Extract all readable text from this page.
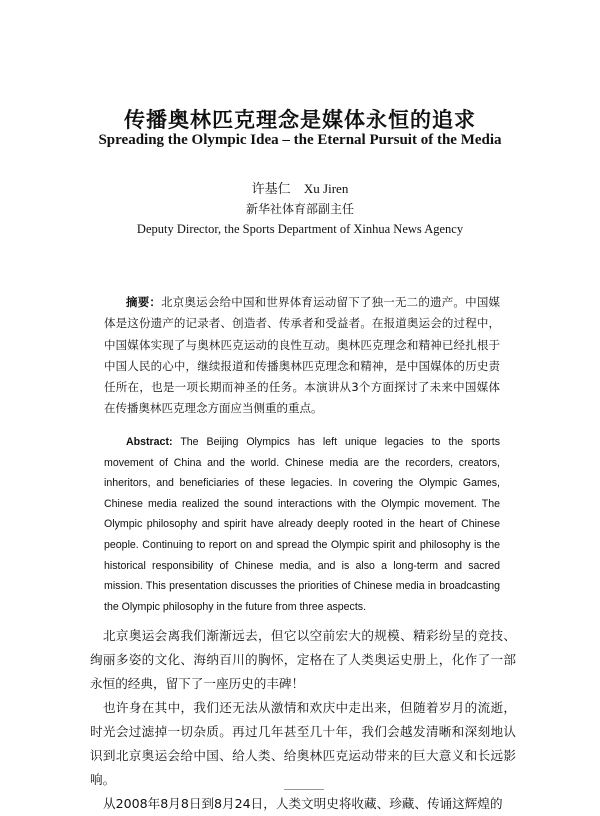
传播奥林匹克理念是媒体永恒的追求
Spreading the Olympic Idea – the Eternal Pursuit of the Media
许基仁 Xu Jiren
新华社体育部副主任
Deputy Director, the Sports Department of Xinhua News Agency

摘要：北京奥运会给中国和世界体育运动留下了独一无二的遗产。中国媒体是这份遗产的记录者、创造者、传承者和受益者。在报道奥运会的过程中，中国媒体实现了与奥林匹克运动的良性互动。奥林匹克理念和精神已经扎根于中国人民的心中，继续报道和传播奥林匹克理念和精神，是中国媒体的历史责任所在，也是一项长期而神圣的任务。本演讲从3个方面探讨了未来中国媒体在传播奥林匹克理念方面应当侧重的重点。

Abstract: The Beijing Olympics has left unique legacies to the sports movement of China and the world. Chinese media are the recorders, creators, inheritors, and beneficiaries of these legacies. In covering the Olympic Games, Chinese media realized the sound interactions with the Olympic movement. The Olympic philosophy and spirit have already deeply rooted in the heart of Chinese people. Continuing to report on and spread the Olympic spirit and philosophy is the historical responsibility of Chinese media, and is also a long-term and sacred mission. This presentation discusses the priorities of Chinese media in broadcasting the Olympic philosophy in the future from three aspects.

北京奥运会离我们渐渐远去，但它以空前宏大的规模、精彩纷呈的竞技、绚丽多姿的文化、海纳百川的胸怀，定格在了人类奥运史册上，化作了一部永恒的经典，留下了一座历史的丰碑！

也许身在其中，我们还无法从激情和欢庆中走出来，但随着岁月的流逝，时光会过滤掉一切杂质。再过几年甚至几十年，我们会越发清晰和深刻地认识到北京奥运会给中国、给人类、给奥林匹克运动带来的巨大意义和长远影响。

从2008年8月8日到8月24日，人类文明史将收藏、珍藏、传诵这辉煌的
